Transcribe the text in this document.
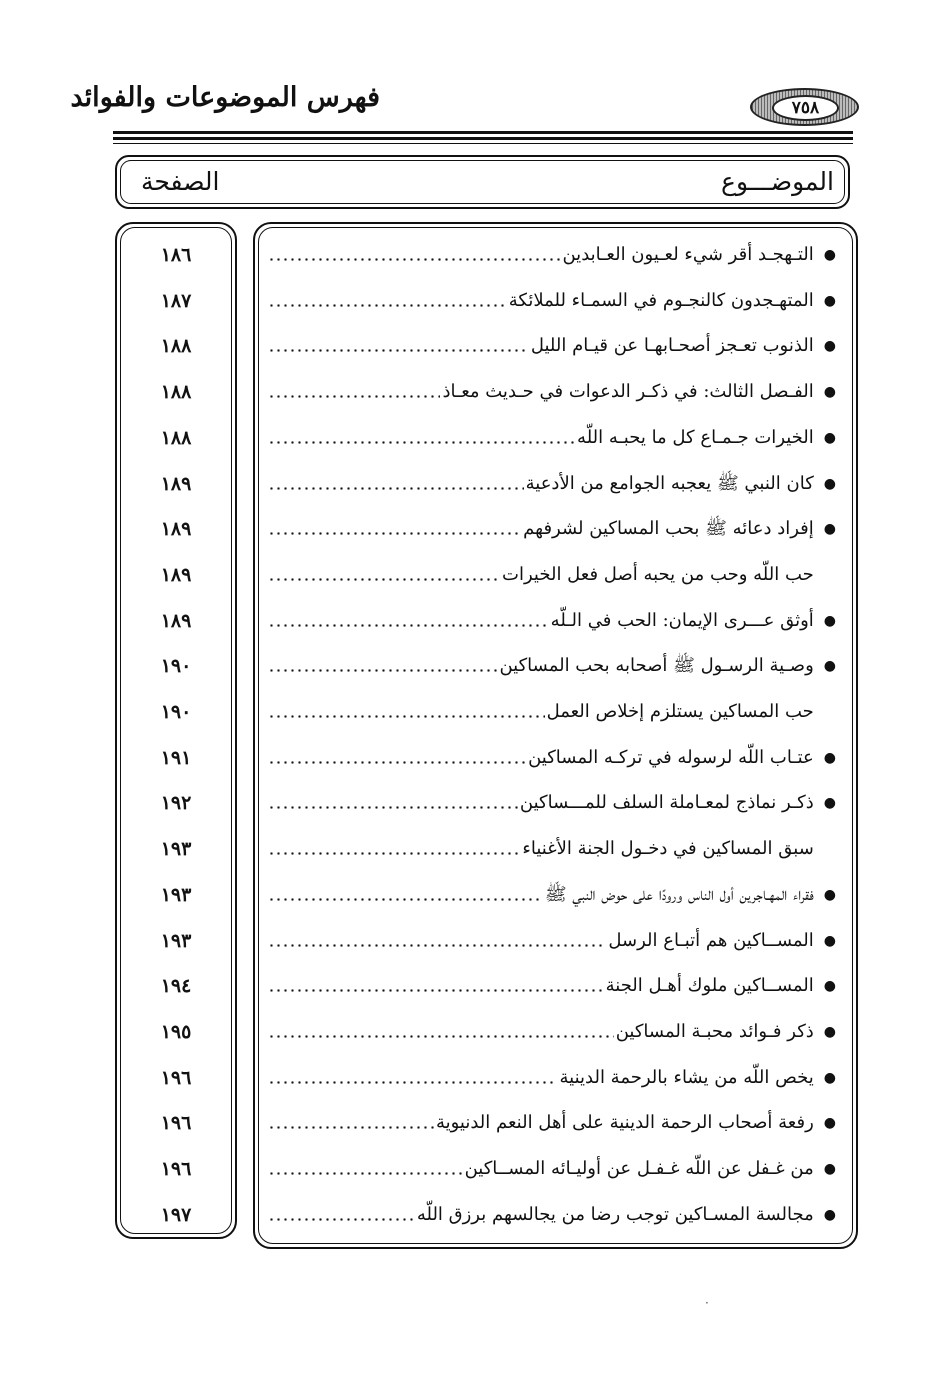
فهرس الموضوعات والفوائد	٧٥٨
الموضـــوع
الصفحة
●
التـهجـد أقر شيء لعـيون العـابدين
١٨٦
●
المتهـجدون كالنجـوم في السمـاء للملائكة
١٨٧
●
الذنوب تعـجز أصحـابهـا عن قيـام الليل
١٨٨
●
الفـصل الثالث: في ذكـر الدعوات في حـديث معـاذ
١٨٨
●
الخيرات جـمـاع كل ما يحبـه اللّه
١٨٨
●
كان النبي ﷺ يعجبه الجوامع من الأدعية
١٨٩
●
إفراد دعائه ﷺ بحب المساكين لشرفهم
١٨٩
حب اللّه وحب من يحبه أصل فعل الخيرات
١٨٩
●
أوثق عـــرى الإيمان: الحب في الـلّه
١٨٩
●
وصـية الرسـول ﷺ أصحابه بحب المساكين
١٩٠
حب المساكين يستلزم إخلاص العمل
١٩٠
●
عتـاب اللّه لرسوله في تركـه المساكين
١٩١
●
ذكـر نماذج لمعـاملة السلف للمـــساكين
١٩٢
سبق المساكين في دخـول الجنة الأغنياء
١٩٣
●
فقراء المهـاجرين أول الناس ورودًا على حوض النبي ﷺ
١٩٣
●
المســاكين هم أتبـاع الرسل
١٩٣
●
المســاكين ملوك أهـل الجنة
١٩٤
●
ذكر فـوائد محبـة المساكين
١٩٥
●
يخص اللّه من يشاء بالرحمة الدينية
١٩٦
●
رفعة أصحاب الرحمة الدينية على أهل النعم الدنيوية
١٩٦
●
من غـفل عن اللّه غـفـل عن أوليـائه المســاكين
١٩٦
●
مجالسة المسـاكين توجب رضا من يجالسهم برزق اللّه
١٩٧
·
